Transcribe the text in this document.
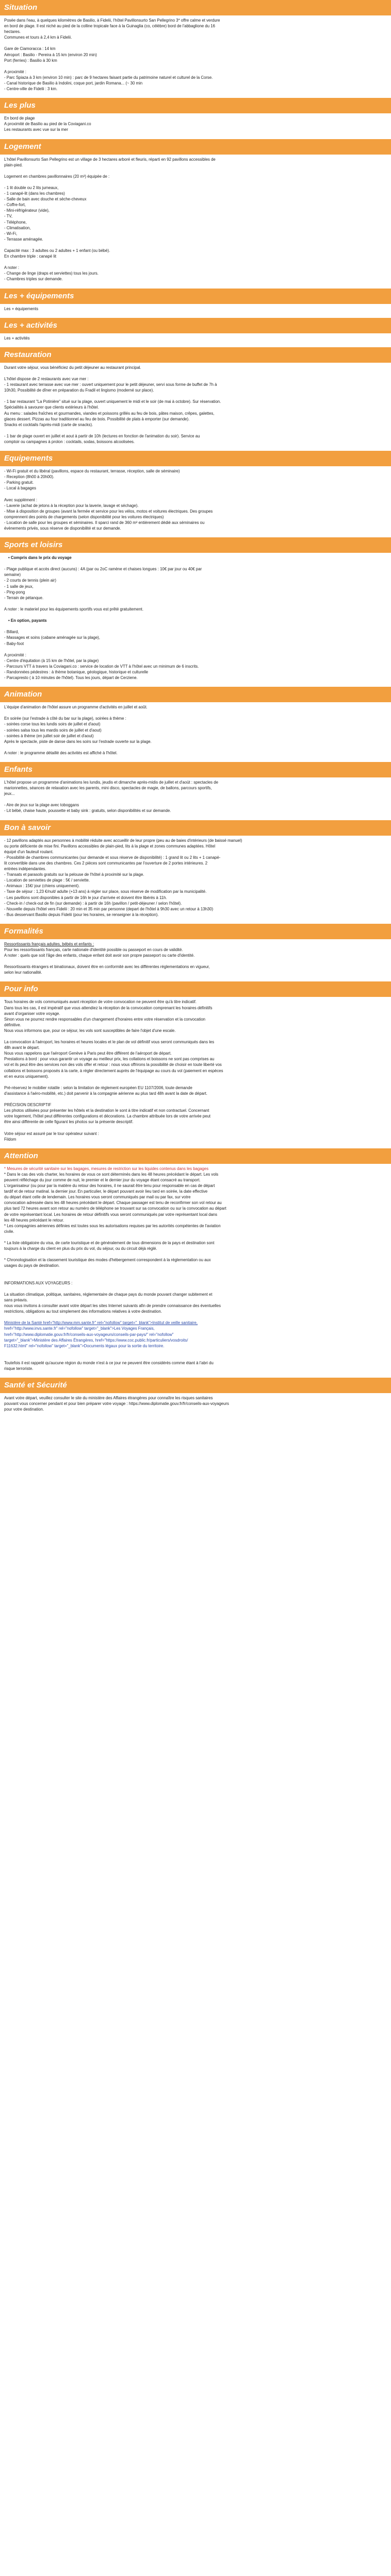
Situation
Posée dans l'eau, à quelques kilomètres de Basilio, à Fidelii, l'hôtel Pavillonsurto San Pellegrino 3* offre calme et verdure
en bord de plage. Il est niché au pied de la colline tropicale face à la Guinaglia (co, célèbre) bord de l'abbaglione du 16
hectares.
Communes et tours à 2,4 km à Fidelii.
Gare de Ciamoracca : 14 km
Aéroport : Basilio - Pereira à 15 km (environ 20 min)
Port (ferries) : Basilio à 30 km
A proximité :
- Parc Spiaza à 3 km (environ 10 min) : parc de 9 hectares faisant partie du patrimoine naturel et culturel de la Corse.
- Canal historique de Basilio à Indolini, coque port, jardin Romana... (~ 30 min
- Centre-ville de Fidelii : 3 km.
Les plus
En bord de plage
A proximité de Basilio au pied de la Coviagani.co
Les restaurants avec vue sur la mer
Logement
L'hôtel Pavillonsurto San Pellegrino est un village de 3 hectares arboré et fleuris, réparti en 92 pavillons accessibles de
plain-pied.
Logement en chambres pavillonnaires (20 m²) équipée de :
- 1 lit double ou 2 lits jumeaux,
- 1 canapé-lit (dans les chambres)
- Salle de bain avec douche et sèche-cheveux
- Coffre-fort,
- Mini-réfrigérateur (vide),
- TV,
- Téléphone,
- Climatisation,
- Wi-Fi,
- Terrasse aménagée.
Capacité max : 3 adultes ou 2 adultes + 1 enfant (ou bébé).
En chambre triple : canapé lit
A noter :
- Change de linge (draps et serviettes) tous les jours.
- Chambres triples sur demande.
Les + équipements
Les + équipements
Les + activités
Les + activités
Restauration
Durant votre séjour, vous bénéficiez du petit déjeuner au restaurant principal.
L'hôtel dispose de 2 restaurants avec vue mer :
- 1 restaurant avec terrasse avec vue mer : ouvert uniquement pour le petit déjeuner, servi sous forme de buffet de 7h à
10h30, Possibilité de dîner en préparation du Fradil et lingismo (moderné sur place).
- 1 bar restaurant "La Potinière" situé sur la plage, ouvert uniquement le midi et le soir (de mai à octobre). Sur réservation.
Spécialités à savourer que clients extérieurs à l'hôtel.
Au menu : salades fraîches et gourmandes, viandes et poissons grillés au feu de bois, pâtes maison, crêpes, galettes,
glaces dessert. Pizzas au four traditionnel au feu de bois. Possibilité de plats à emporter (sur demande).
Snacks et cocktails l'après-midi (carte de snacks).
- 1 bar de plage ouvert en juillet et aout à partir de 10h (lectures en fonction de l'animation du soir). Service au
comptoir ou campagnes à prolon : cocktails, sodas, boissons alcoolisées.
Equipements
- Wi-Fi gratuit et du libéral (pavillons, espace du restaurant, terrasse, réception, salle de séminaire)
- Reception (8h00 à 20h00).
- Parking gratuit.
- Local à bagages
Avec supplément :
- Laverie (achat de jetons à la réception pour la laverie, lavage et séchage).
- Mise à disposition de groupes (avant la fermée et service pour les vélos, motos et voitures électriques. Des groupes
comprennent des points de chargements (selon disponibilité pour les voitures électriques)
- Location de salle pour les groupes et séminaires. Il sparci rand de 360 m² entièrement dédié aux séminaires ou
évènements privés, sous réserve de disponibilité et sur demande.
Sports et loisirs
• Compris dans le prix du voyage
- Plage publique et accès direct (aucuns) : 4A (par ou 2oC ramène et chaises longues : 10€ par jour ou 40€ par
semaine)
- 2 courts de tennis (plein air)
- 1 salle de jeux,
- Ping-pong
- Terrain de pétanque.
A noter : le materiel pour les équipements sportifs vous est prêté gratuitement.
• En option, payants
- Billard,
- Massages et soins (cabane aménagée sur la plage),
- Baby-foot
A proximité :
- Centre d'équitation (à 15 km de l'hôtel, par la plage)
- Parcours VTT à travers la Coviagani.co : service de location de VTT à l'hôtel avec un minimum de 6 inscrits.
- Randonnées pédestres : à thème botanique, géologique, historique et culturelle
- Parcapresto ( à 10 minutes de l'hôtel). Tous les jours, départ de Cerziene.
Animation
L'équipe d'animation de l'hôtel assure un programme d'activités en juillet et août.
En soirée (sur l'estrade à côté du bar sur la plage), soirées à thème :
- soirées corse tous les lundis soirs de juillet et d'aout)
- soirées salsa tous les mardis soirs de juillet et d'aout)
- soirées à thème (en juillet soir de juillet et d'aout)
Après le spectacle, piste de danse dans les soirs sur l'estrade ouverte sur la plage.
A noter : le programme détaillé des activités est affiché à l'hôtel.
Enfants
L'hôtel propose un programme d'animations les lundis, jeudis et dimanche après-midis de juillet et d'aoüt : spectacles de
marionnettes, séances de relaxation avec les parents, mini disco, spectacles de magie, de ballons, parcours sportifs,
jeux...
- Aire de jeux sur la plage avec toboggans
- Lit bébé, chaise haute, poussette et baby sink : gratuits, selon disponibilités et sur demande.
Bon à savoir
- 12 pavillons adaptés aux personnes à mobilité réduite avec accueillir de leur propre (peu au de baies d'intérieurs (de baissé manuel)
ou porte déficiente de mise fini. Pavillons accessibles de plain-pied, lits à la plage et zones communes adaptées. Hôtel
équipé d'un fauteuil roulant.
- Possibilité de chambres communicantes (sur demande et sous réserve de disponibilité) : 1 grand lit ou 2 lits + 1 canapé-
lit convertible dans une des chambres. Ces 2 pièces sont communicantes par l'ouverture de 2 portes intérieures. 2
entrées indépendantes.
- Transats et parasols gratuits sur la pelouse de l'hôtel à proximité sur la plage.
- Location de serviettes de plage : 5€ / serviette.
- Animaux : 15€/ jour (chiens uniquement).
- Taxe de séjour : 1,23 €/nuit/ adulte (+13 ans) à régler sur place, sous réserve de modification par la municipalité.
- Les pavillons sont disponibles à partir de 16h le jour d'arrivée et doivent être libérés à 11h.
- Check-in / check-out de fin (sur demande) : à partir de 16h (pavillon / petit-déjeuner / selon l'hôtel).
- Nouvelle depuis l'hôtel vers Fidelii : 20 min et 35 min par personne (depart de l'hôtel à 9h30 avec un retour à 13h30)
- Bus desservant Basilio depuis Fidelii (pour les horaires, se renseigner à la réception).
Formalités
Ressortissants français adultes, bébés et enfants :
Pour les ressortissants français, carte nationale d'identité possible ou passeport en cours de validité.
A noter : quels que soit l'âge des enfants, chaque enfant doit avoir son propre passeport ou carte d'identité.
Ressortissants étrangers et binationaux, doivent être en conformité avec les différentes réglementations en vigueur,
selon leur nationalité.
Pour info
Tous horaires de vols communiqués avant réception de votre convocation ne peuvent être qu'à titre indicatif.
Dans tous les cas, il est impératif que vous attendiez la réception de la convocation comprenant les horaires définitifs
avant d'organiser votre voyage.
Sinon vous ne pourrez rendre responsables d'un changement d'horaires entre votre réservation et la convocation
définitive.
Nous vous informons que, pour ce séjour, les vols sont susceptibles de faire l'objet d'une escale.
La convocation à l'aéroport, les horaires et heures locales et le plan de vol définitif vous seront communiqués dans les
48h avant le départ.
Nous vous rappelons que l'aéroport Genève à Paris peut être différent de l'aéroport de départ.
Prestations à bord : pour vous garantir un voyage au meilleur prix, les collations et boissons ne sont pas comprises au
vol et ils peut être des services non des vols offer et retour : nous vous offrirons la possibilité de choisir en toute liberté vos
collations et boissons proposés à la carte, à régler directement auprès de l'équipage au cours du vol (paiement en espèces
et en euros uniquement).
Pré-réservez le mobilier rotatile : selon la limitation de règlement européen EU 1107/2006, toute demande
d'assistance à l'aéro-mobilité, etc.) doit parvenir à la compagnie aérienne au plus tard 48h avant la date de départ.
PRÉCISION DESCRIPTIF
Les photos utilisées pour présenter les hôtels et la destination le sont à titre indicatif et non contractuel. Concernant
votre logement, l'hôtel peut différentes configurations et décorations. La chambre attribuée lors de votre arrivée peut
être ainsi différente de celle figurant les photos sur la présente descriptif.
Votre séjour est assuré par le tour opérateur suivant :
Fildom
Attention
* Mesures de sécurité sanitaire sur les bagages, mesures de restriction sur les liquides contenus dans les bagages
* Dans le cas des vols charter, les horaires de vous ce sont déterminés dans les 48 heures précédant le départ. Les vols
peuvent réfléchage du jour comme de nuit, le premier et le dernier jour du voyage étant consacré au transport.
L'organisateur (ou pour par la matière du retour des horaires, il ne saurait être tenu pour responsable en cas de départ
tardif et de retour matinal. la dernier jour. En particulier, le départ pouvant avoir lieu tard en soirée, la date effective
du départ étant celle de lendemain. Les horaires vous seront communiqués par mail ou par fax, sur votre
convocation adressée dans les 48 heures précédant le départ. Chaque passager est tenu de reconfirmer son vol retour au
plus tard 72 heures avant son retour au numéro de téléphone se trouvant sur sa convocation ou sur la convocation au départ
de votre représentant local. Les horaires de retour définitifs vous seront communiqués par votre représentant local dans
les 48 heures précédant le retour.
* Les compagnies aériennes définies est toutes sous les autorisations requises par les autorités compétentes de l'aviation
civile.
* La liste obligatoire du visa, de carte touristique et de généralement de tous dimensions de la pays et destination sont
toujours à la charge du client en plus du prix du vol, du séjour, ou du circuit déjà réglé.
* Chronologisation et la classement touristique des modes d'hébergement correspondent à la réglementation ou aux
usages du pays de destination.
INFORMATIONS AUX VOYAGEURS :
La situation climatique, politique, sanitaires, réglementaire de chaque pays du monde pouvant changer subitement et
sans préavis.
nous vous invitons à consulter avant votre départ les sites Internet suivants afin de prendre connaissance des éventuelles
restrictions, obligations au tout simplement des informations relatives à votre destination.
Ministère de la Santé href="http://www.mm.sante.fr" rel="nofollow" target="_blank">Institut de veille sanitaire,
href="http://www.invs.sante.fr" rel="nofollow" target="_blank">Les Voyages Français,
href="http://www.diplomatie.gouv.fr/fr/conseils-aux-voyageurs/conseils-par-pays/" rel="nofollow"
target="_blank">Ministère des Affaires Étrangères, href="https://www.coc.public.fr/particuliers/vosdroits/
F11632.html" rel="nofollow" target="_blank">Documents légaux pour la sortie du territoire.
Toutefois il est rappelé qu'aucune région du monde n'est à ce jour ne peuvent être considérés comme étant à l'abri du
risque terroriste.
Santé et Sécurité
Avant votre départ, veuillez consulter le site du ministère des Affaires étrangères pour connaître les risques sanitaires
pouvant vous concerner pendant et pour bien préparer votre voyage : https://www.diplomatie.gouv.fr/fr/conseils-aux-voyageurs
pour votre destination.
